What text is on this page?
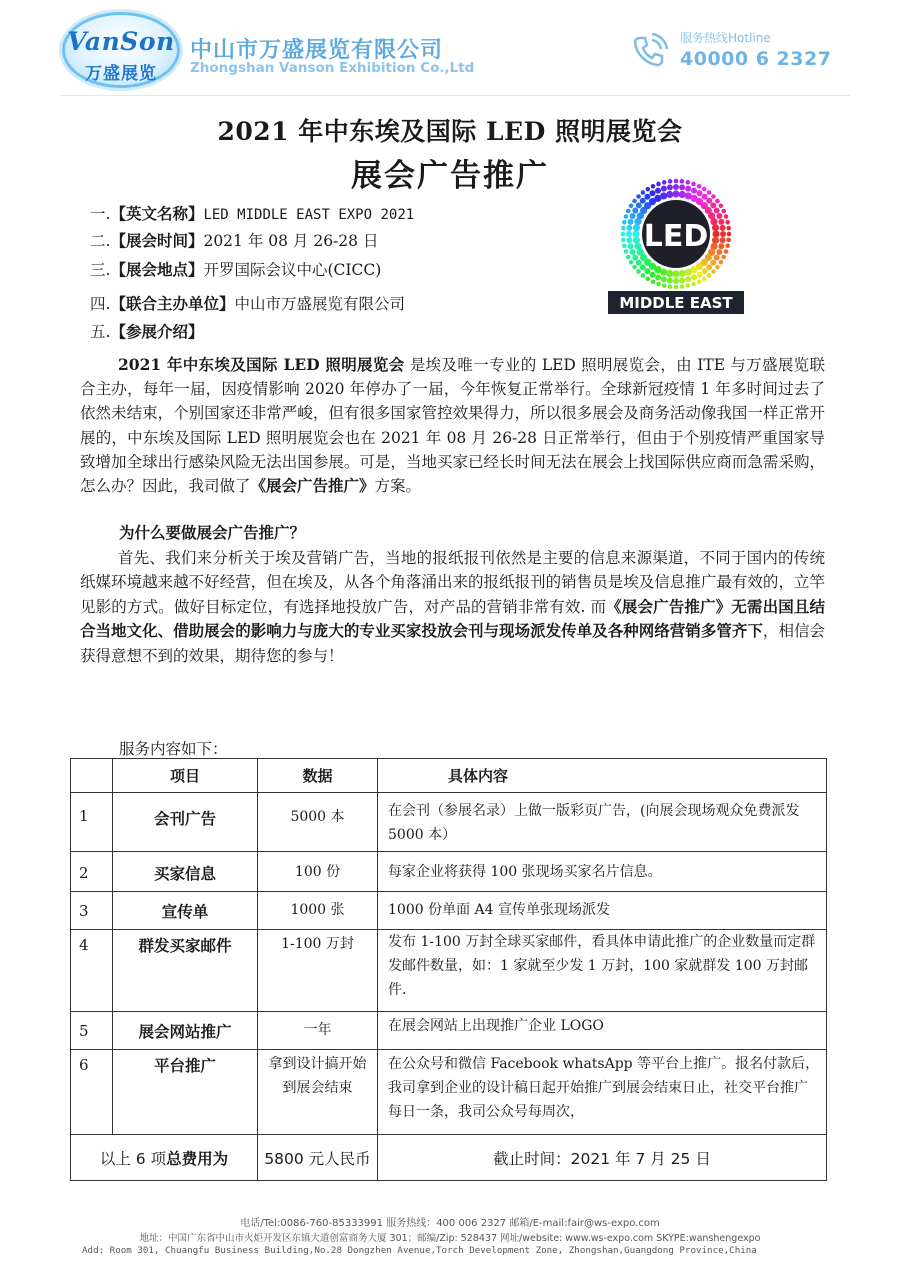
VanSon
万盛展览
中山市万盛展览有限公司
Zhongshan Vanson Exhibition Co.,Ltd
服务热线Hotline
40000 6 2327
2021 年中东埃及国际 LED 照明展览会
展会广告推广
LED
MIDDLE EAST
一.【英文名称】LED MIDDLE EAST EXPO 2021
二.【展会时间】2021 年 08 月 26-28 日
三.【展会地点】开罗国际会议中心(CICC)
四.【联合主办单位】中山市万盛展览有限公司
五.【参展介绍】
2021 年中东埃及国际 LED 照明展览会 是埃及唯一专业的 LED 照明展览会，由 ITE 与万盛展览联合主办，每年一届，因疫情影响 2020 年停办了一届，今年恢复正常举行。全球新冠疫情 1 年多时间过去了依然未结束，个别国家还非常严峻，但有很多国家管控效果得力，所以很多展会及商务活动像我国一样正常开展的，中东埃及国际 LED 照明展览会也在 2021 年 08 月 26-28 日正常举行，但由于个别疫情严重国家导致增加全球出行感染风险无法出国参展。可是，当地买家已经长时间无法在展会上找国际供应商而急需采购，怎么办？因此，我司做了《展会广告推广》方案。
为什么要做展会广告推广？
首先、我们来分析关于埃及营销广告，当地的报纸报刊依然是主要的信息来源渠道，不同于国内的传统纸媒环境越来越不好经营，但在埃及，从各个角落涌出来的报纸报刊的销售员是埃及信息推广最有效的，立竿见影的方式。做好目标定位，有选择地投放广告，对产品的营销非常有效. 而《展会广告推广》无需出国且结合当地文化、借助展会的影响力与庞大的专业买家投放会刊与现场派发传单及各种网络营销多管齐下，相信会获得意想不到的效果，期待您的参与！
服务内容如下：
	项目	数据	具体内容
1	会刊广告	5000 本	在会刊（参展名录）上做一版彩页广告，(向展会现场观众免费派发 5000 本）
2	买家信息	100 份	每家企业将获得 100 张现场买家名片信息。
3	宣传单	1000 张	1000 份单面 A4 宣传单张现场派发
4	群发买家邮件	1-100 万封	发布 1-100 万封全球买家邮件，看具体申请此推广的企业数量而定群发邮件数量，如：1 家就至少发 1 万封，100 家就群发 100 万封邮件.
5	展会网站推广	一年	在展会网站上出现推广企业 LOGO
6	平台推广	拿到设计搞开始到展会结束	在公众号和微信 Facebook whatsApp 等平台上推广。报名付款后，我司拿到企业的设计稿日起开始推广到展会结束日止，社交平台推广每日一条，我司公众号每周次，
以上 6 项总费用为		5800 元人民币	截止时间：2021 年 7 月 25 日
电话/Tel:0086-760-85333991 服务热线：400 006 2327 邮箱/E-mail:fair@ws-expo.com
地址：中国广东省中山市火炬开发区东镇大道创富商务大厦 301；邮编/Zip: 528437 网址/website: www.ws-expo.com SKYPE:wanshengexpo
Add: Room 301, Chuangfu Business Building,No.28 Dongzhen Avenue,Torch Development Zone, Zhongshan,Guangdong Province,China
